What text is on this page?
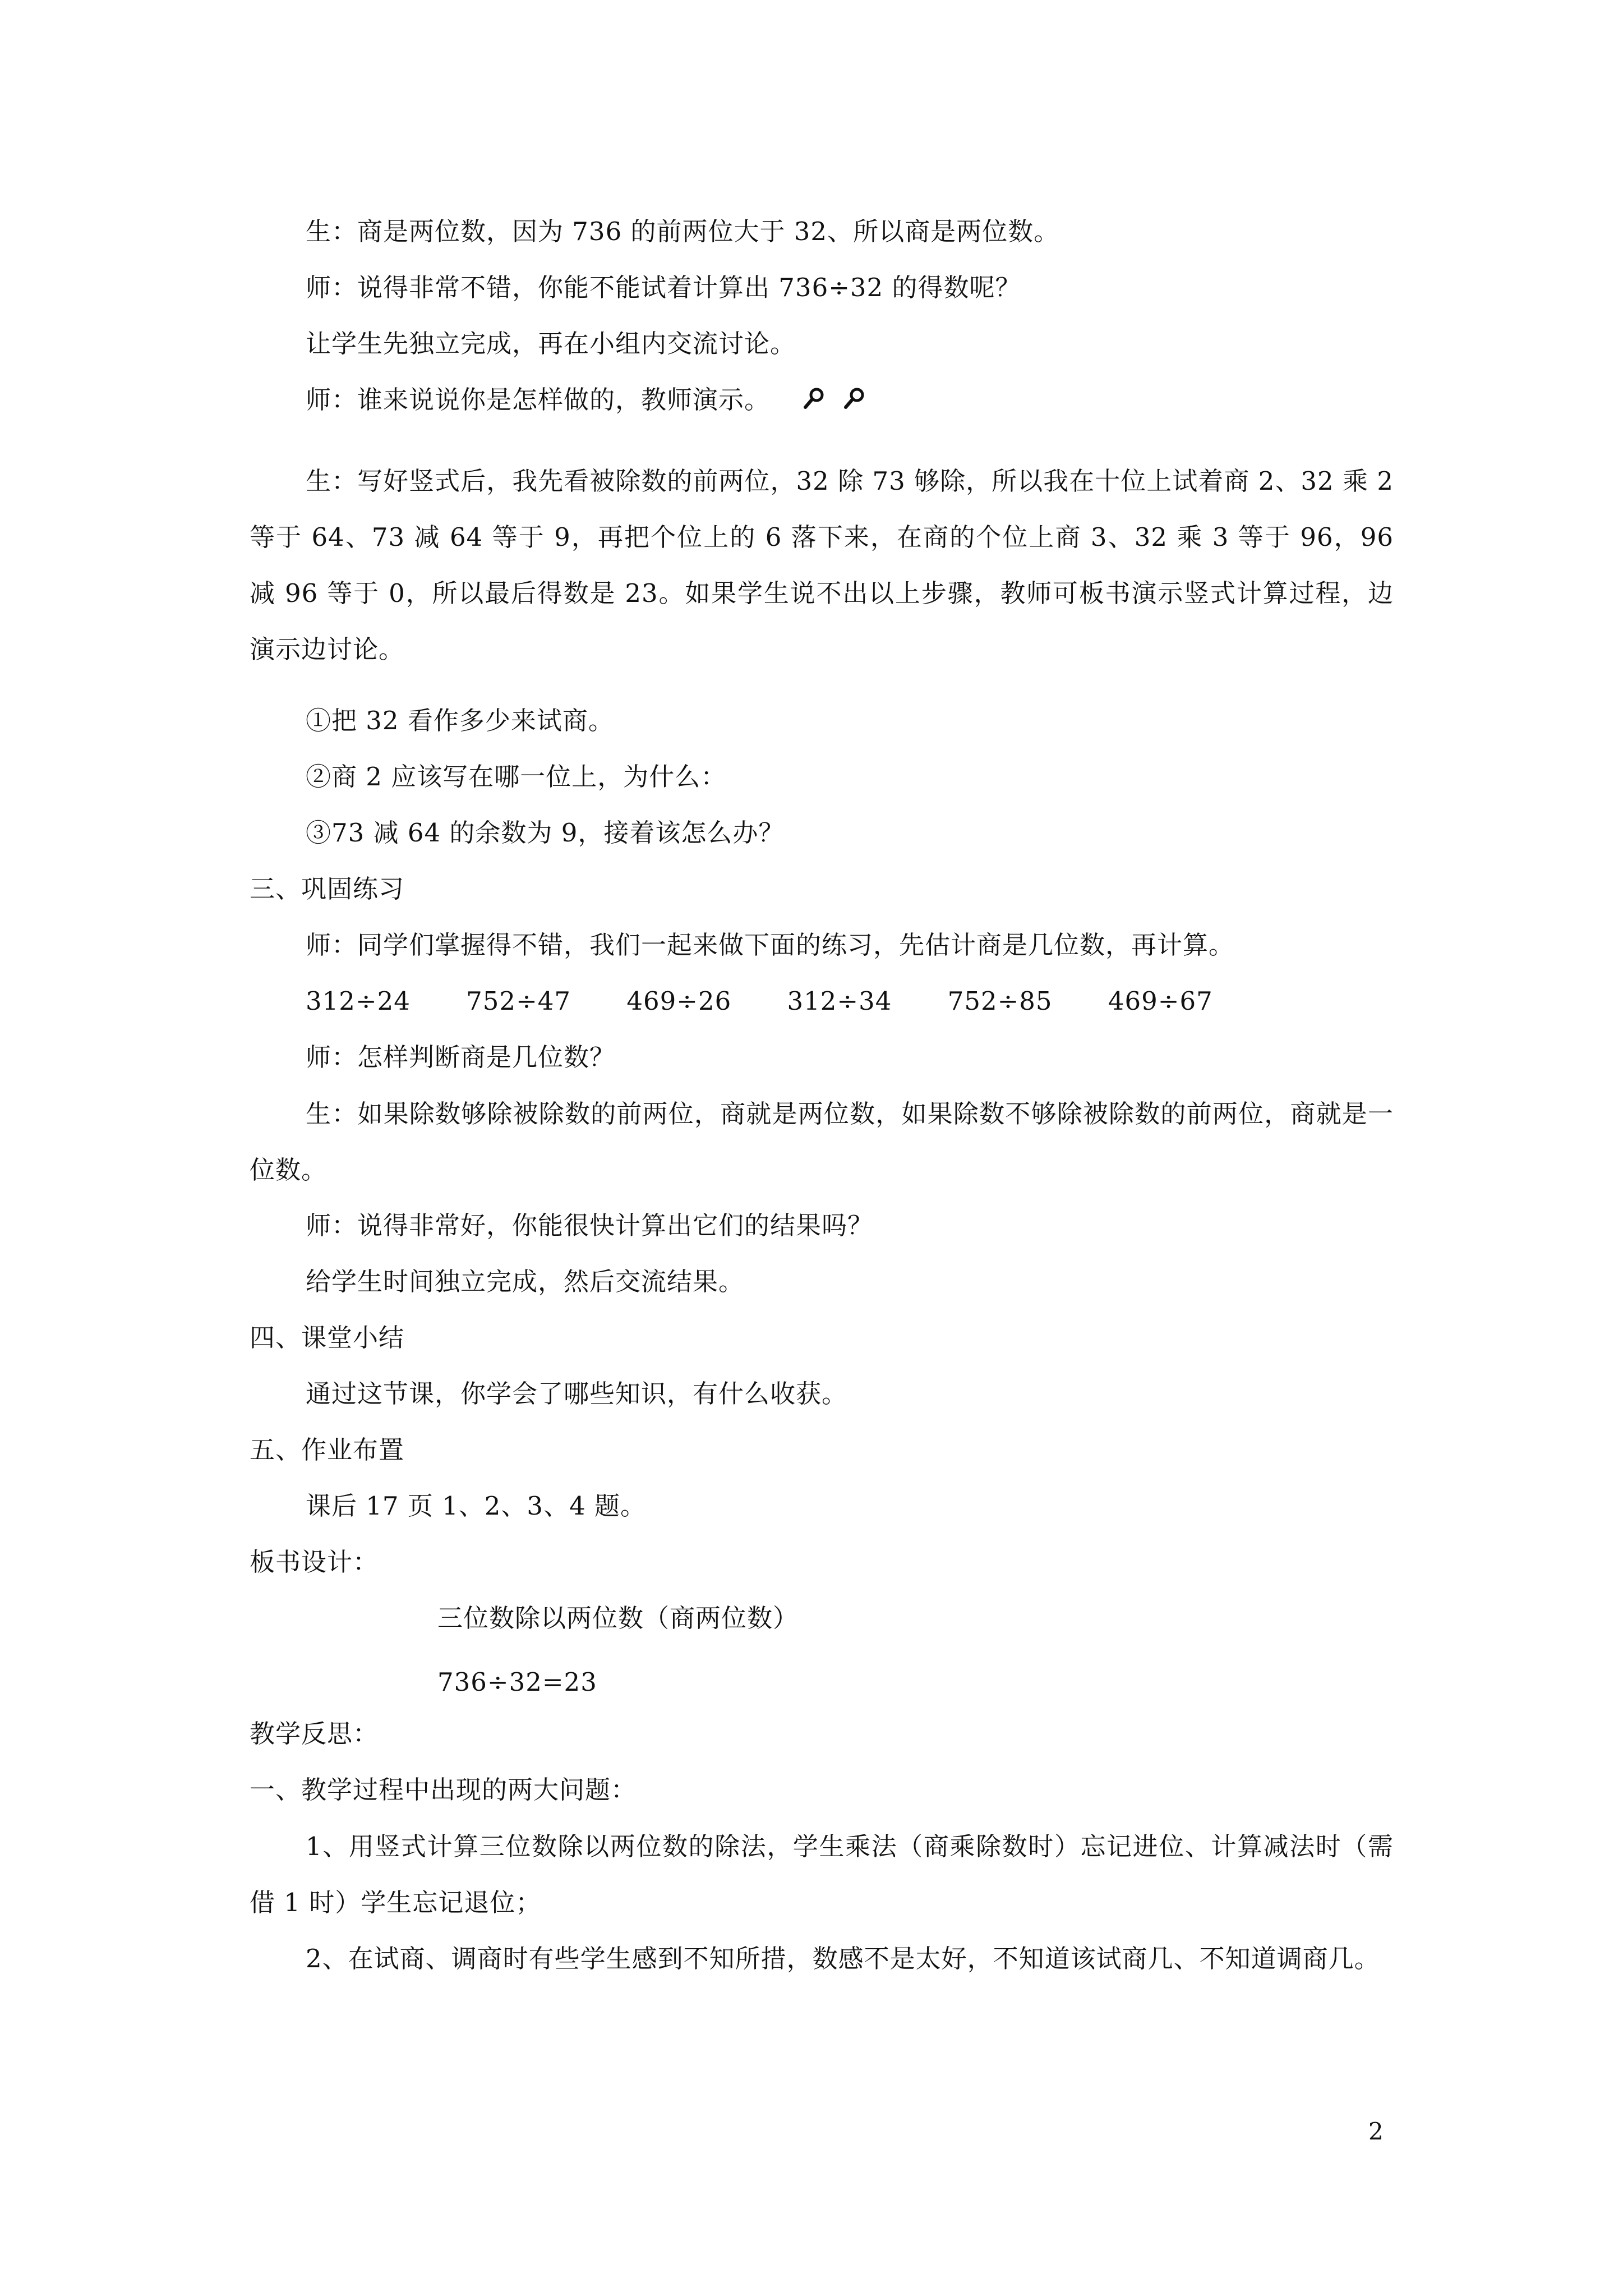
生：商是两位数，因为 736 的前两位大于 32、所以商是两位数。
师：说得非常不错，你能不能试着计算出 736÷32 的得数呢？
让学生先独立完成，再在小组内交流讨论。
师：谁来说说你是怎样做的，教师演示。
生：写好竖式后，我先看被除数的前两位，32 除 73 够除，所以我在十位上试着商 2、32 乘 2 等于 64、73 减 64 等于 9，再把个位上的 6 落下来，在商的个位上商 3、32 乘 3 等于 96，96 减 96 等于 0，所以最后得数是 23。如果学生说不出以上步骤，教师可板书演示竖式计算过程，边演示边讨论。
①把 32 看作多少来试商。
②商 2 应该写在哪一位上，为什么：
③73 减 64 的余数为 9，接着该怎么办？
三、巩固练习
师：同学们掌握得不错，我们一起来做下面的练习，先估计商是几位数，再计算。
312÷24 752÷47 469÷26 312÷34 752÷85 469÷67
师：怎样判断商是几位数？
生：如果除数够除被除数的前两位，商就是两位数，如果除数不够除被除数的前两位，商就是一位数。
师：说得非常好，你能很快计算出它们的结果吗？
给学生时间独立完成，然后交流结果。
四、课堂小结
通过这节课，你学会了哪些知识，有什么收获。
五、作业布置
课后 17 页 1、2、3、4 题。
板书设计：
三位数除以两位数（商两位数）
736÷32=23
教学反思：
一、教学过程中出现的两大问题：
1、用竖式计算三位数除以两位数的除法，学生乘法（商乘除数时）忘记进位、计算减法时（需借 1 时）学生忘记退位；
2、在试商、调商时有些学生感到不知所措，数感不是太好，不知道该试商几、不知道调商几。
2
